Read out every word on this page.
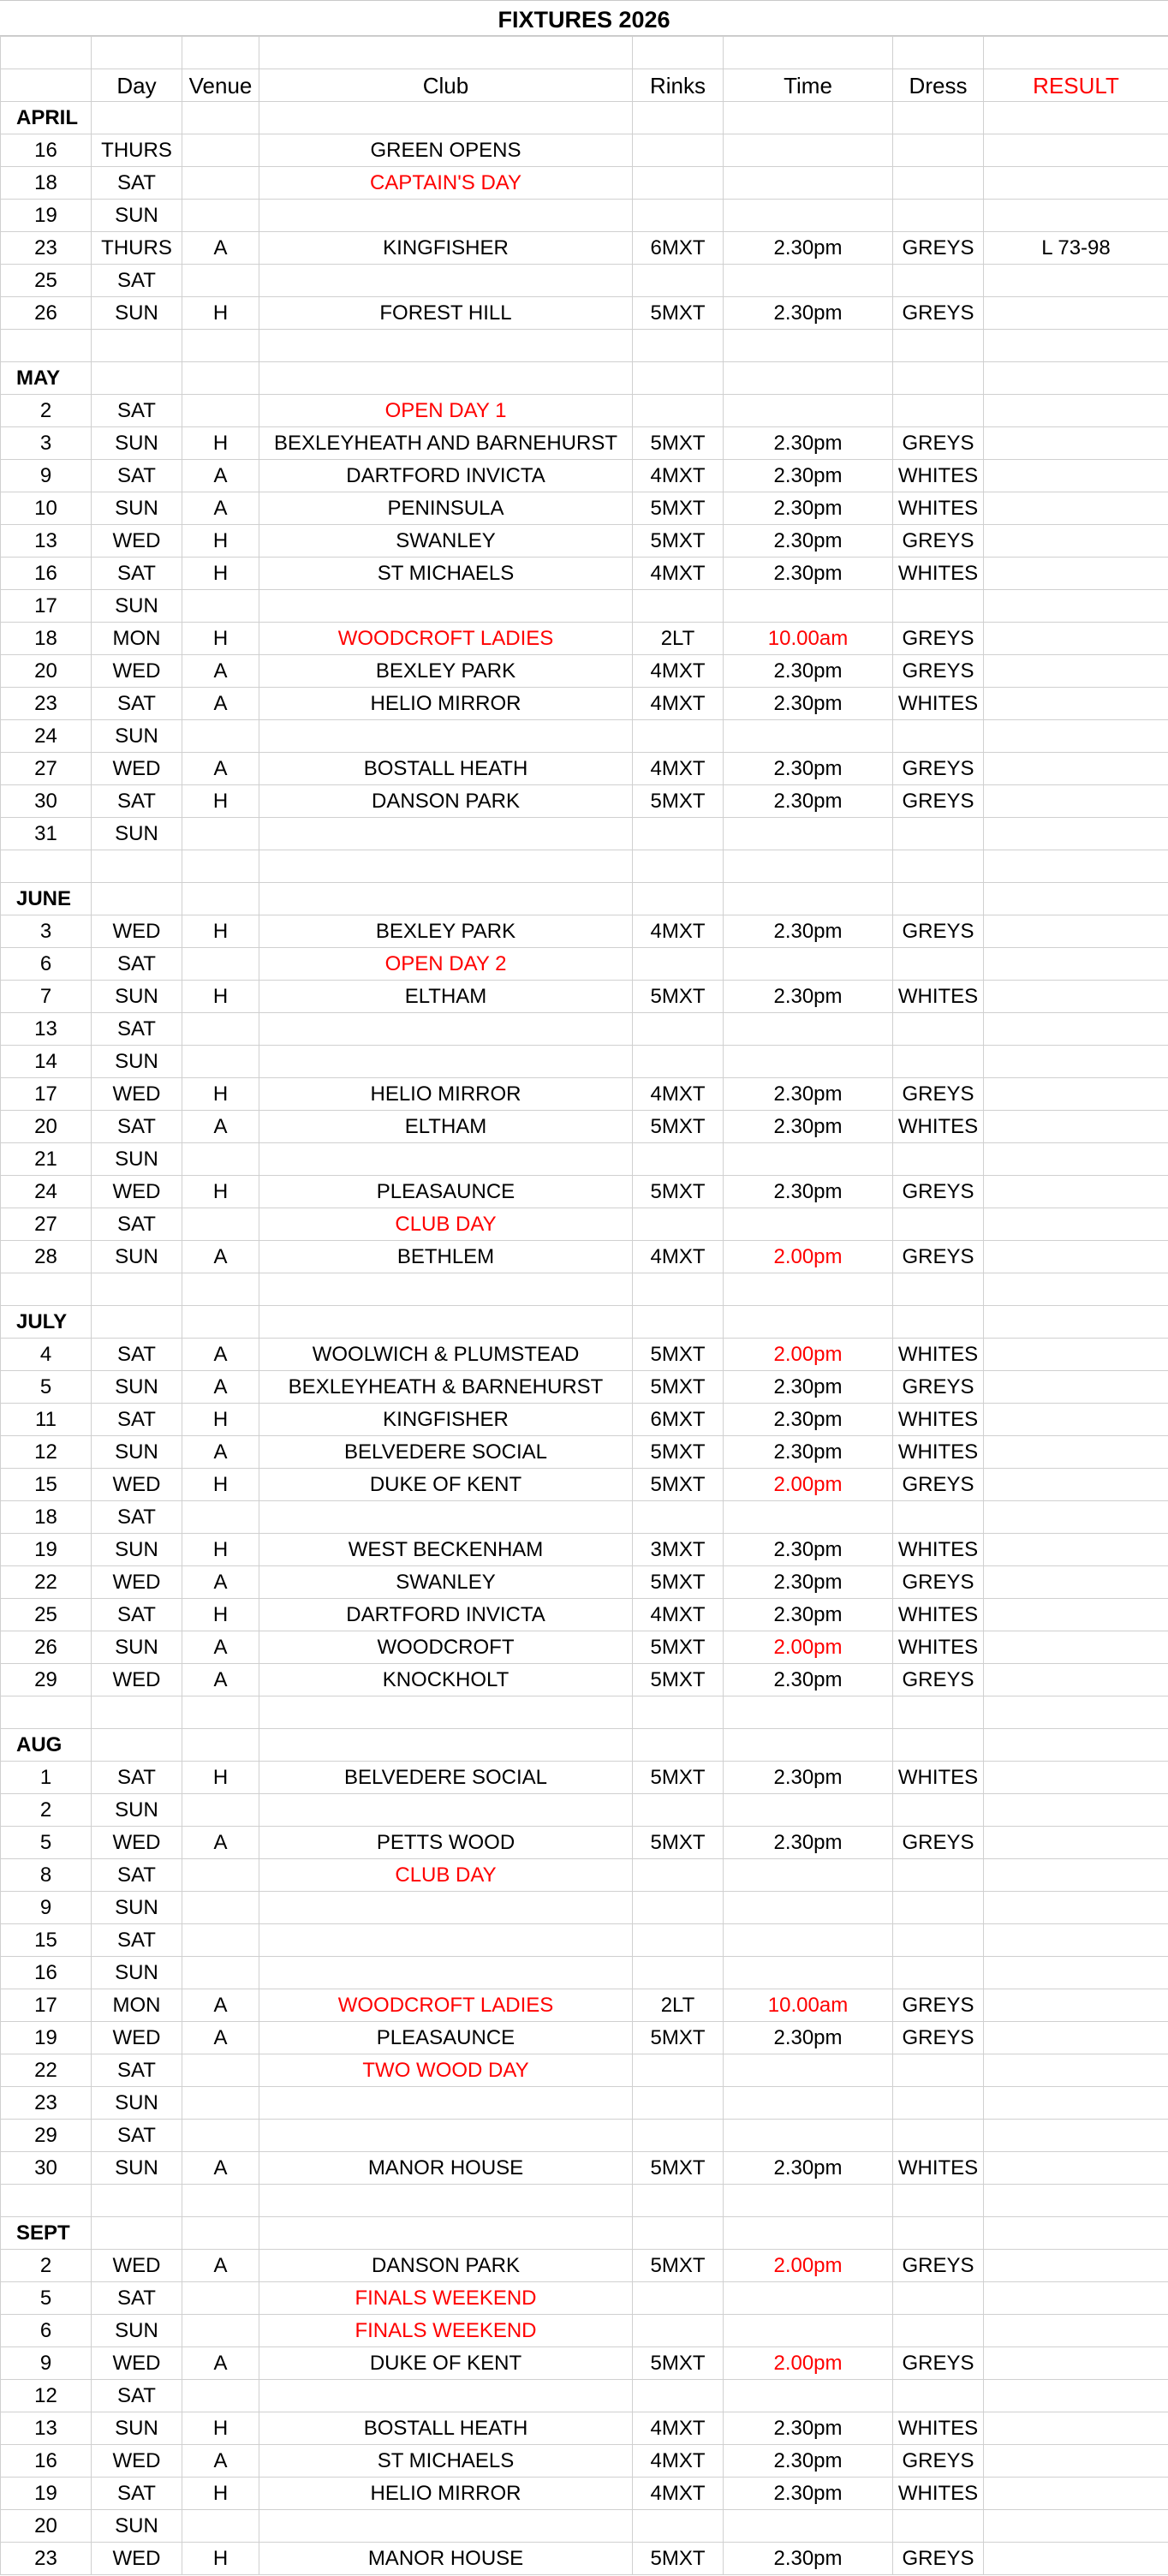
FIXTURES 2026

	Day	Venue	Club	Rinks	Time	Dress	RESULT
APRIL							
16	THURS		GREEN OPENS				
18	SAT		CAPTAIN'S DAY				
19	SUN						
23	THURS	A	KINGFISHER	6MXT	2.30pm	GREYS	L 73-98
25	SAT						
26	SUN	H	FOREST HILL	5MXT	2.30pm	GREYS	

MAY							
2	SAT		OPEN DAY 1				
3	SUN	H	BEXLEYHEATH AND BARNEHURST	5MXT	2.30pm	GREYS	
9	SAT	A	DARTFORD INVICTA	4MXT	2.30pm	WHITES	
10	SUN	A	PENINSULA	5MXT	2.30pm	WHITES	
13	WED	H	SWANLEY	5MXT	2.30pm	GREYS	
16	SAT	H	ST MICHAELS	4MXT	2.30pm	WHITES	
17	SUN						
18	MON	H	WOODCROFT LADIES	2LT	10.00am	GREYS	
20	WED	A	BEXLEY PARK	4MXT	2.30pm	GREYS	
23	SAT	A	HELIO MIRROR	4MXT	2.30pm	WHITES	
24	SUN						
27	WED	A	BOSTALL HEATH	4MXT	2.30pm	GREYS	
30	SAT	H	DANSON PARK	5MXT	2.30pm	GREYS	
31	SUN						

JUNE							
3	WED	H	BEXLEY PARK	4MXT	2.30pm	GREYS	
6	SAT		OPEN DAY 2				
7	SUN	H	ELTHAM	5MXT	2.30pm	WHITES	
13	SAT						
14	SUN						
17	WED	H	HELIO MIRROR	4MXT	2.30pm	GREYS	
20	SAT	A	ELTHAM	5MXT	2.30pm	WHITES	
21	SUN						
24	WED	H	PLEASAUNCE	5MXT	2.30pm	GREYS	
27	SAT		CLUB DAY				
28	SUN	A	BETHLEM	4MXT	2.00pm	GREYS	

JULY							
4	SAT	A	WOOLWICH & PLUMSTEAD	5MXT	2.00pm	WHITES	
5	SUN	A	BEXLEYHEATH & BARNEHURST	5MXT	2.30pm	GREYS	
11	SAT	H	KINGFISHER	6MXT	2.30pm	WHITES	
12	SUN	A	BELVEDERE SOCIAL	5MXT	2.30pm	WHITES	
15	WED	H	DUKE OF KENT	5MXT	2.00pm	GREYS	
18	SAT						
19	SUN	H	WEST BECKENHAM	3MXT	2.30pm	WHITES	
22	WED	A	SWANLEY	5MXT	2.30pm	GREYS	
25	SAT	H	DARTFORD INVICTA	4MXT	2.30pm	WHITES	
26	SUN	A	WOODCROFT	5MXT	2.00pm	WHITES	
29	WED	A	KNOCKHOLT	5MXT	2.30pm	GREYS	

AUG							
1	SAT	H	BELVEDERE SOCIAL	5MXT	2.30pm	WHITES	
2	SUN						
5	WED	A	PETTS WOOD	5MXT	2.30pm	GREYS	
8	SAT		CLUB DAY				
9	SUN						
15	SAT						
16	SUN						
17	MON	A	WOODCROFT LADIES	2LT	10.00am	GREYS	
19	WED	A	PLEASAUNCE	5MXT	2.30pm	GREYS	
22	SAT		TWO WOOD DAY				
23	SUN						
29	SAT						
30	SUN	A	MANOR HOUSE	5MXT	2.30pm	WHITES	

SEPT							
2	WED	A	DANSON PARK	5MXT	2.00pm	GREYS	
5	SAT		FINALS WEEKEND				
6	SUN		FINALS WEEKEND				
9	WED	A	DUKE OF KENT	5MXT	2.00pm	GREYS	
12	SAT						
13	SUN	H	BOSTALL HEATH	4MXT	2.30pm	WHITES	
16	WED	A	ST MICHAELS	4MXT	2.30pm	GREYS	
19	SAT	H	HELIO MIRROR	4MXT	2.30pm	WHITES	
20	SUN						
23	WED	H	MANOR HOUSE	5MXT	2.30pm	GREYS	
